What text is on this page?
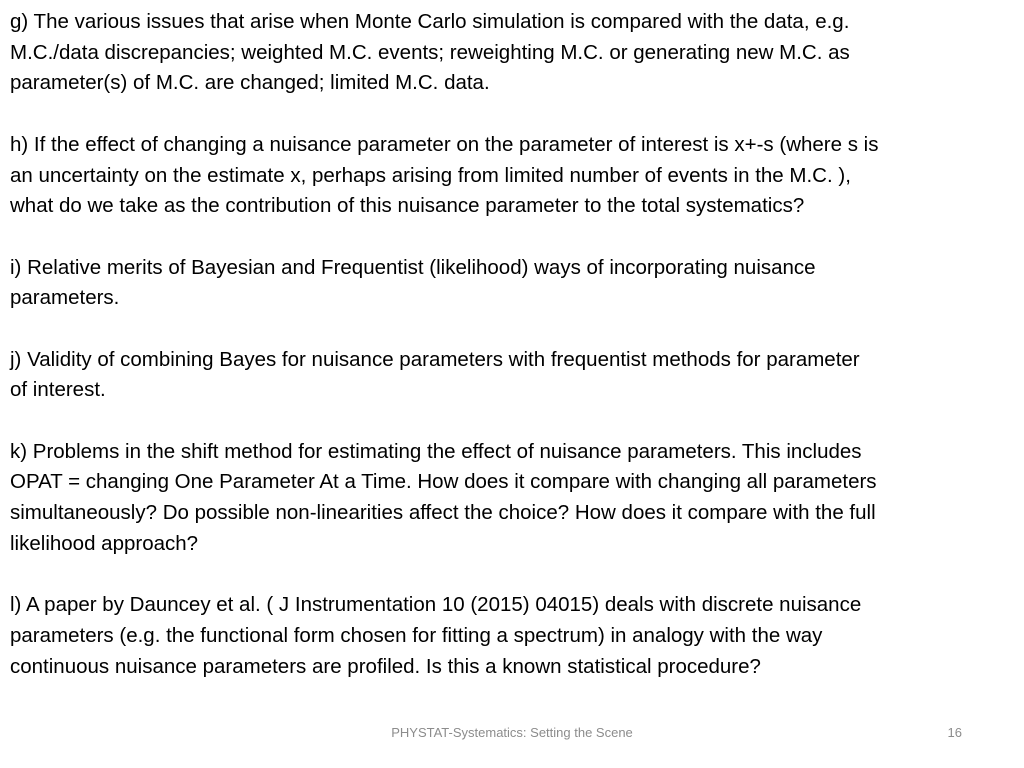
g) The various issues that arise when Monte Carlo simulation is compared with the data, e.g.
M.C./data discrepancies; weighted M.C. events; reweighting M.C. or generating new M.C. as
parameter(s) of M.C. are changed; limited M.C. data.
h) If the effect of changing a nuisance parameter on the parameter of interest is x+-s (where s is
an uncertainty on the estimate x, perhaps arising from limited number of events in the M.C. ),
what do we take as the contribution of this nuisance parameter to the total systematics?
i) Relative merits of Bayesian and Frequentist (likelihood) ways of incorporating nuisance
parameters.
j) Validity of combining Bayes for nuisance parameters with frequentist methods for parameter
of interest.
k) Problems in the shift method for estimating the effect of nuisance parameters. This includes
OPAT = changing One Parameter At a Time. How does it compare with changing all parameters
simultaneously? Do possible non-linearities affect the choice? How does it compare with the full
likelihood approach?
l) A paper by Dauncey et al. ( J Instrumentation 10 (2015) 04015) deals with discrete nuisance
parameters (e.g. the functional form chosen for fitting a spectrum) in analogy with the way
continuous nuisance parameters are profiled. Is this a known statistical procedure?
PHYSTAT-Systematics: Setting the Scene	16
